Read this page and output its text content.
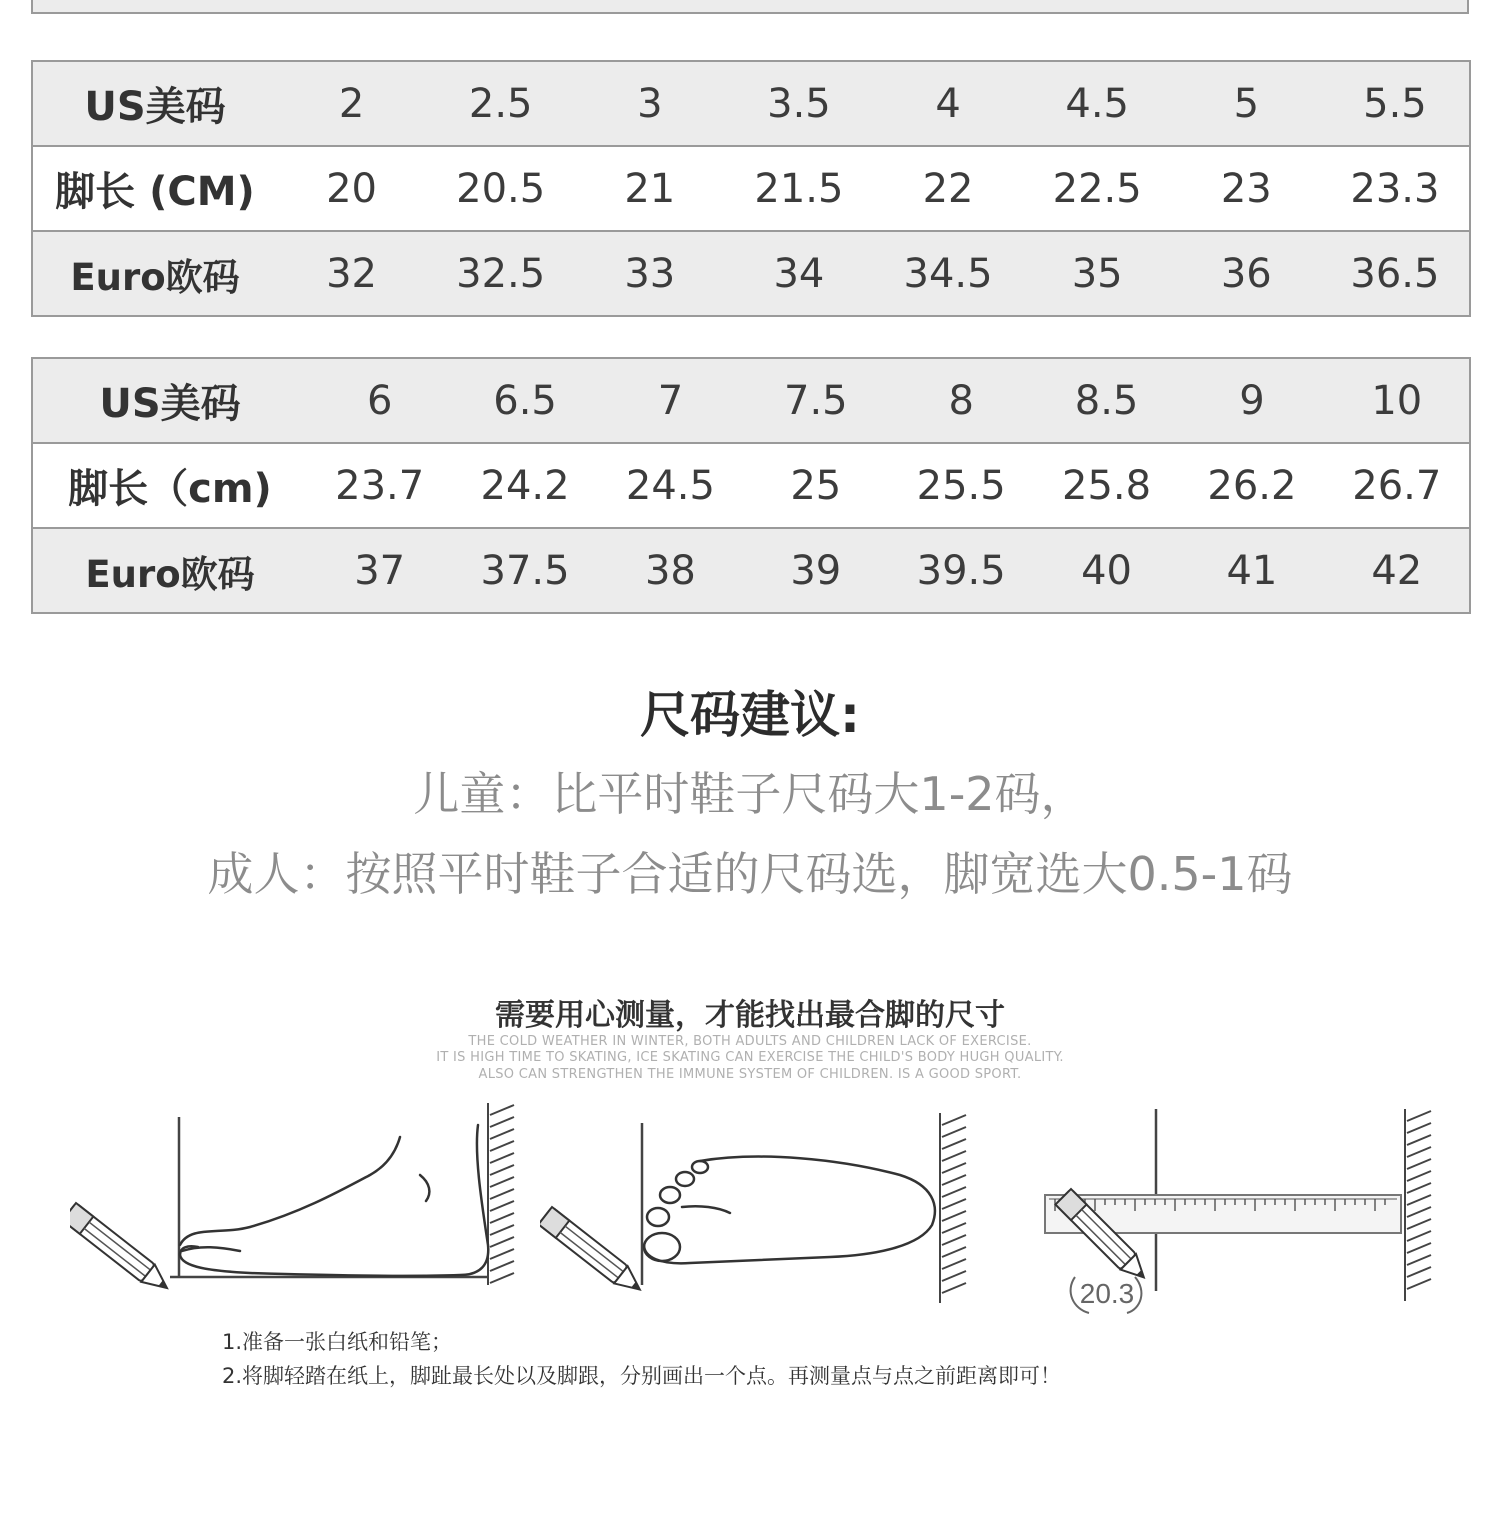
US美码	2	2.5	3	3.5	4	4.5	5	5.5
脚长 (CM)	20	20.5	21	21.5	22	22.5	23	23.3
Euro欧码	32	32.5	33	34	34.5	35	36	36.5
US美码	6	6.5	7	7.5	8	8.5	9	10
脚长（cm)	23.7	24.2	24.5	25	25.5	25.8	26.2	26.7
Euro欧码	37	37.5	38	39	39.5	40	41	42
尺码建议:
儿童：比平时鞋子尺码大1-2码，
成人：按照平时鞋子合适的尺码选，脚宽选大0.5-1码
需要用心测量，才能找出最合脚的尺寸
THE COLD WEATHER IN WINTER, BOTH ADULTS AND CHILDREN LACK OF EXERCISE.
IT IS HIGH TIME TO SKATING, ICE SKATING CAN EXERCISE THE CHILD'S BODY HUGH QUALITY.
ALSO CAN STRENGTHEN THE IMMUNE SYSTEM OF CHILDREN. IS A GOOD SPORT.
20.3
1.准备一张白纸和铅笔；
2.将脚轻踏在纸上，脚趾最长处以及脚跟，分别画出一个点。再测量点与点之前距离即可！
